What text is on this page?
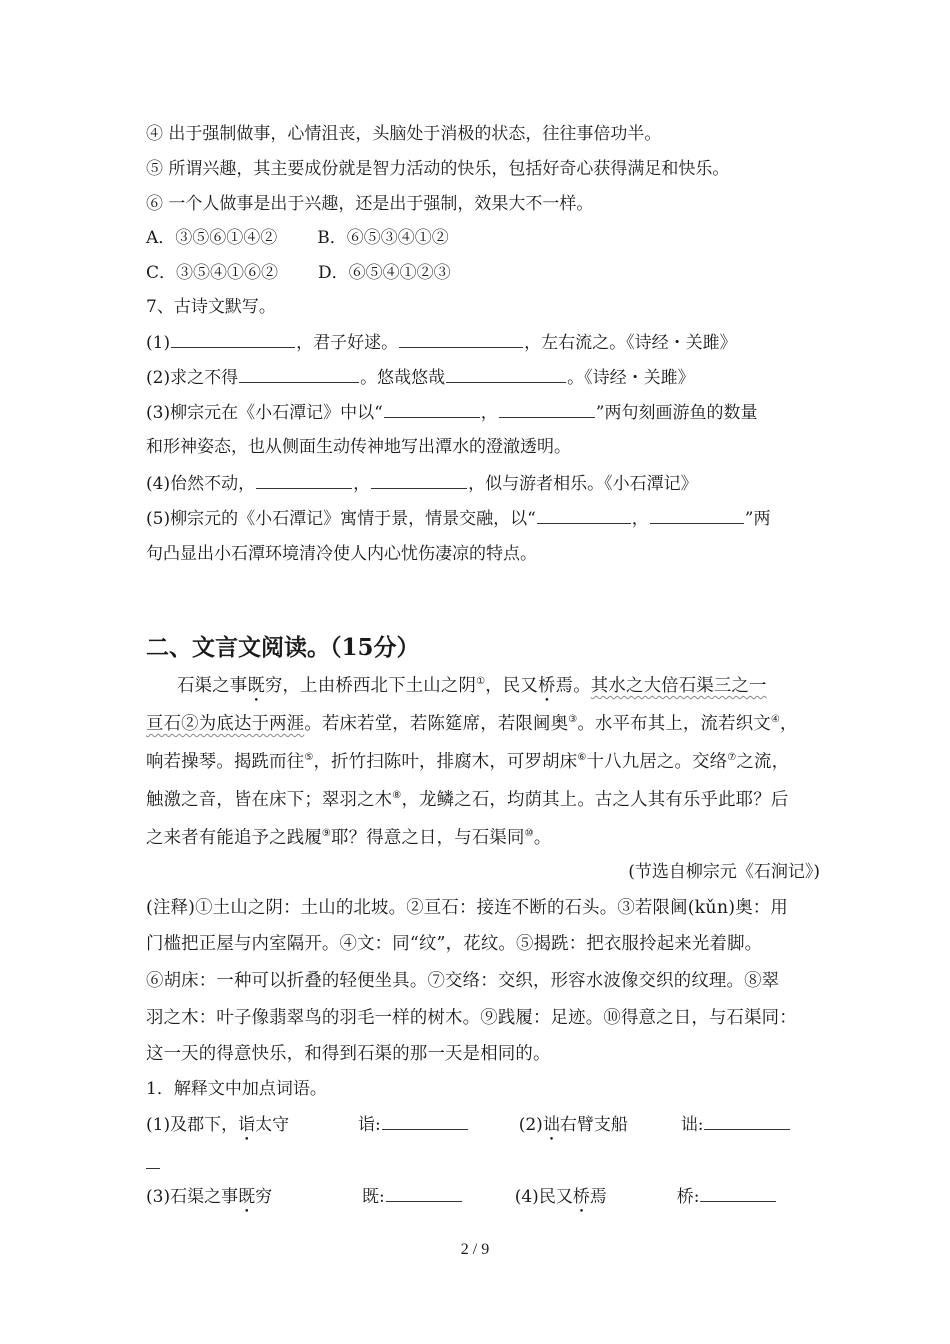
④ 出于强制做事，心情沮丧，头脑处于消极的状态，往往事倍功半。

⑤ 所谓兴趣，其主要成份就是智力活动的快乐，包括好奇心获得满足和快乐。

⑥ 一个人做事是出于兴趣，还是出于强制，效果大不一样。

A．③⑤⑥①④② B．⑥⑤③④①②

C．③⑤④①⑥② D．⑥⑤④①②③

7、古诗文默写。

(1)	，君子好逑。	，左右流之。《诗经・关雎》

(2)求之不得	。悠哉悠哉	。《诗经・关雎》

(3)柳宗元在《小石潭记》中以“	，	”两句刻画游鱼的数量

和形神姿态，也从侧面生动传神地写出潭水的澄澈透明。

(4)佁然不动，	，	，似与游者相乐。《小石潭记》

(5)柳宗元的《小石潭记》寓情于景，情景交融，以“	，	”两

句凸显出小石潭环境清冷使人内心忧伤凄凉的特点。

二、文言文阅读。（15分）

石渠之事既穷，上由桥西北下土山之阴①，民又桥焉。其水之大倍石渠三之一

亘石②为底达于两涯。若床若堂，若陈筵席，若限阃奥③。水平布其上，流若织文④，

响若操琴。揭跣而往⑤，折竹扫陈叶，排腐木，可罗胡床⑥十八九居之。交络⑦之流，

触激之音，皆在床下；翠羽之木⑧，龙鳞之石，均荫其上。古之人其有乐乎此耶？后

之来者有能追予之践履⑨耶？得意之日，与石渠同⑩。

(节选自柳宗元《石涧记》)

(注释)①土山之阴：土山的北坡。②亘石：接连不断的石头。③若限阃(kǔn)奥：用

门槛把正屋与内室隔开。④文：同“纹”，花纹。⑤揭跣：把衣服拎起来光着脚。

⑥胡床：一种可以折叠的轻便坐具。⑦交络：交织，形容水波像交织的纹理。⑧翠

羽之木：叶子像翡翠鸟的羽毛一样的树木。⑨践履：足迹。⑩得意之日，与石渠同：

这一天的得意快乐，和得到石渠的那一天是相同的。

1．解释文中加点词语。

(1)及郡下，诣太守	诣:	(2)诎右臂支船	诎:

(3)石渠之事既穷	既:	(4)民又桥焉	桥:

2 / 9
